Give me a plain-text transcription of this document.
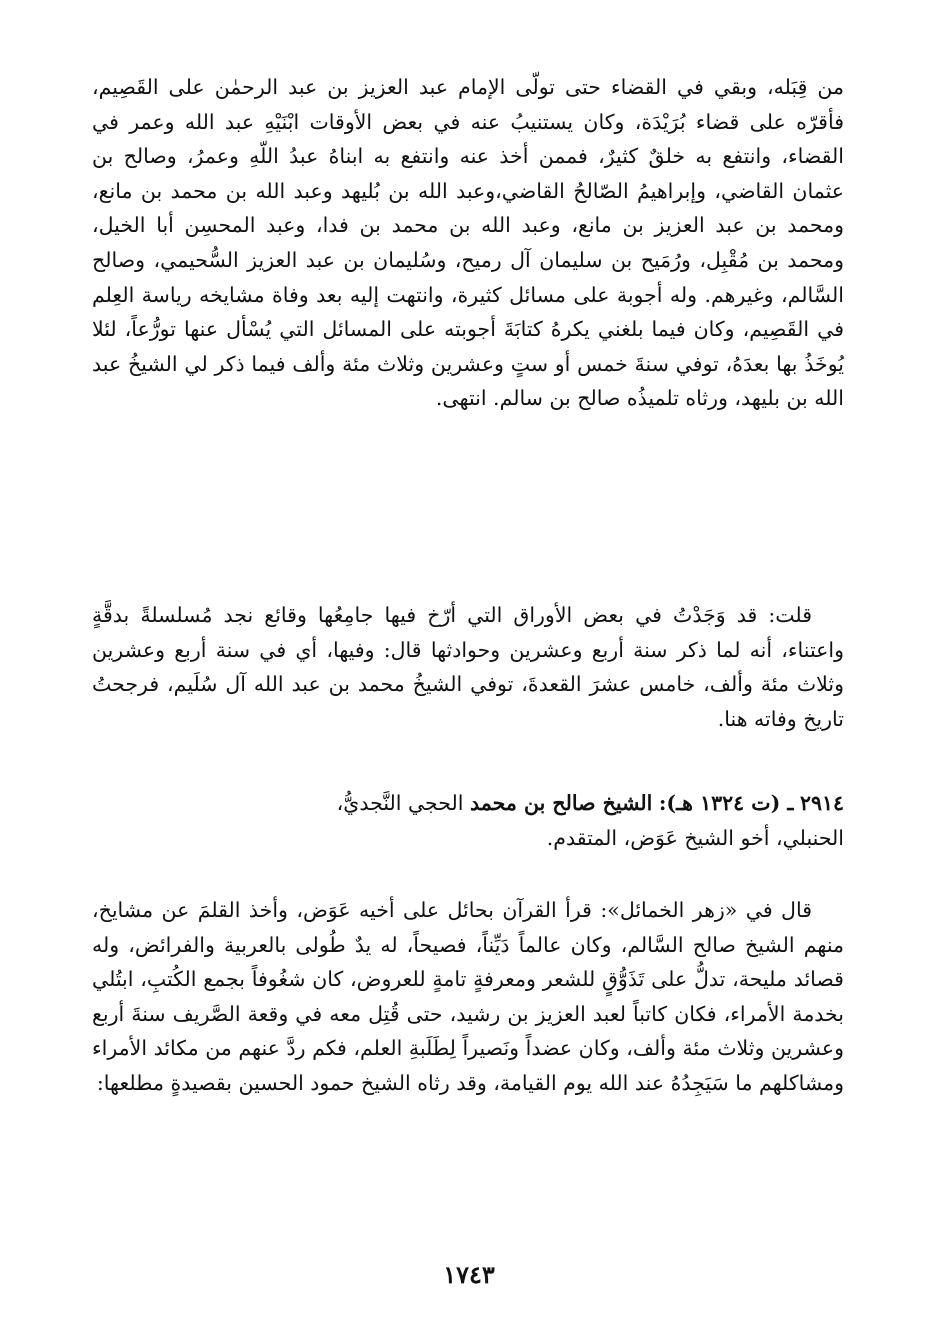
من قِبَله، وبقي في القضاء حتى تولّى الإمام عبد العزيز بن عبد الرحمٰن على القَصِيم، فأقرّه على قضاء بُرَيْدَة، وكان يستنيبُ عنه في بعض الأوقات ابْنَيْهِ عبد الله وعمر في القضاء، وانتفع به خلقٌ كثيرٌ، فممن أخذ عنه وانتفع به ابناهُ عبدُ اللّهِ وعمرُ، وصالح بن عثمان القاضي، وإبراهيمُ الصّالحُ القاضي،وعبد الله بن بُليهد وعبد الله بن محمد بن مانع، ومحمد بن عبد العزيز بن مانع، وعبد الله بن محمد بن فدا، وعبد المحسِن أبا الخيل، ومحمد بن مُقْبِل، ورُمَيح بن سليمان آل رميح، وسُليمان بن عبد العزيز السُّحيمي، وصالح السَّالم، وغيرهم. وله أجوبة على مسائل كثيرة، وانتهت إليه بعد وفاة مشايخه رياسة العِلم في القَصِيم، وكان فيما بلغني يكرهُ كتابَةَ أجوبته على المسائل التي يُسْأل عنها تورُّعاً، لئلا يُوخَذُ بها بعدَهُ، توفي سنةَ خمس أو ستٍ وعشرين وثلاث مئة وألف فيما ذكر لي الشيخُ عبد الله بن بليهد، ورثاه تلميذُه صالح بن سالم. انتهى.

قلت: قد وَجَدْتُ في بعض الأوراق التي أرّخ فيها جامِعُها وقائع نجد مُسلسلةً بدقَّةٍ واعتناء، أنه لما ذكر سنة أربع وعشرين وحوادثها قال: وفيها، أي في سنة أربع وعشرين وثلاث مئة وألف، خامس عشرَ القعدةَ، توفي الشيخُ محمد بن عبد الله آل سُلَيم، فرجحتُ تاريخ وفاته هنا.

٢٩١٤ ـ (ت ١٣٢٤ هـ): الشيخ صالح بن محمد الحجي النَّجديُّ،
الحنبلي، أخو الشيخ عَوَض، المتقدم.

قال في «زهر الخمائل»: قرأ القرآن بحائل على أخيه عَوَض، وأخذ القلمَ عن مشايخ، منهم الشيخ صالح السَّالم، وكان عالماً دَيِّناً، فصيحاً، له يدٌ طُولى بالعربية والفرائض، وله قصائد مليحة، تدلُّ على تَذَوُّقٍ للشعر ومعرفةٍ تامةٍ للعروض، كان شغُوفاً بجمع الكُتبِ، ابتُلي بخدمة الأمراء، فكان كاتباً لعبد العزيز بن رشيد، حتى قُتِل معه في وقعة الصَّريف سنةَ أربع وعشرين وثلاث مئة وألف، وكان عضداً ونَصيراً لِطَلَبةِ العلم، فكم ردَّ عنهم من مكائد الأمراء ومشاكلهم ما سَيَجِدُهُ عند الله يوم القيامة، وقد رثاه الشيخ حمود الحسين بقصيدةٍ مطلعها:

١٧٤٣
